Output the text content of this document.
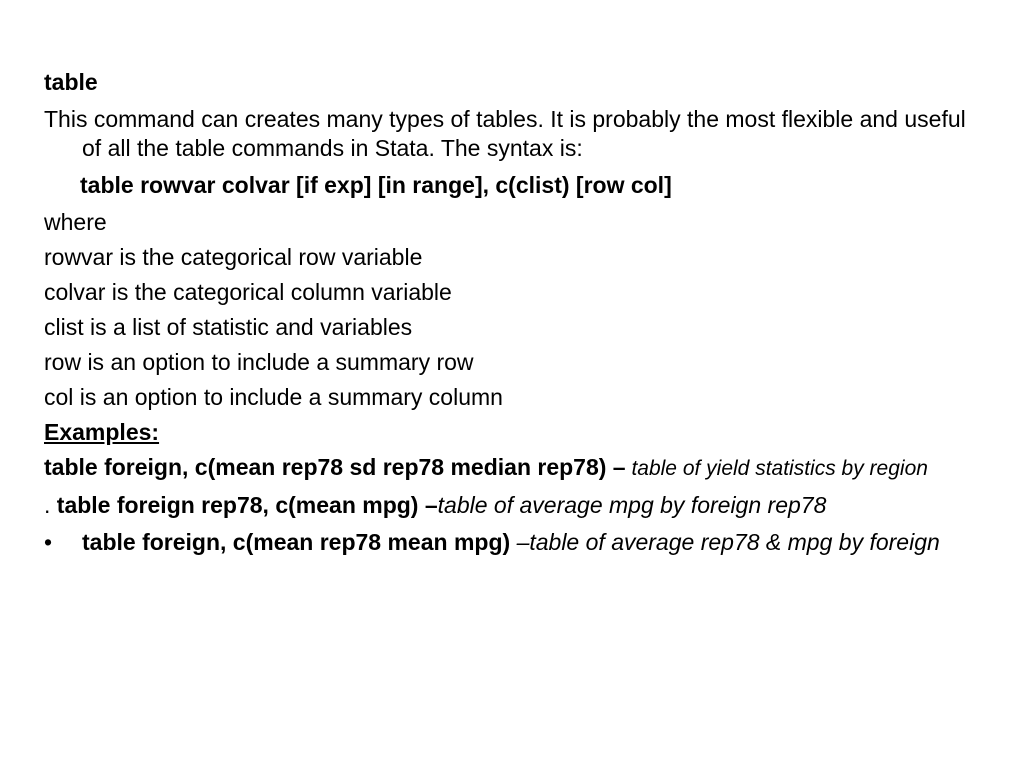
table
This command can creates many types of tables. It is probably the most flexible and useful of all the table commands in Stata. The syntax is:
table rowvar colvar [if exp] [in range], c(clist) [row col]
where
rowvar is the categorical row variable
colvar is the categorical column variable
clist is a list of statistic and variables
row is an option to include a summary row
col is an option to include a summary column
Examples:
table foreign, c(mean rep78 sd rep78 median rep78) – table of yield statistics by region
. table foreign rep78, c(mean mpg) –table of average mpg by foreign rep78
• table foreign, c(mean rep78 mean mpg) –table of average rep78 & mpg by foreign
